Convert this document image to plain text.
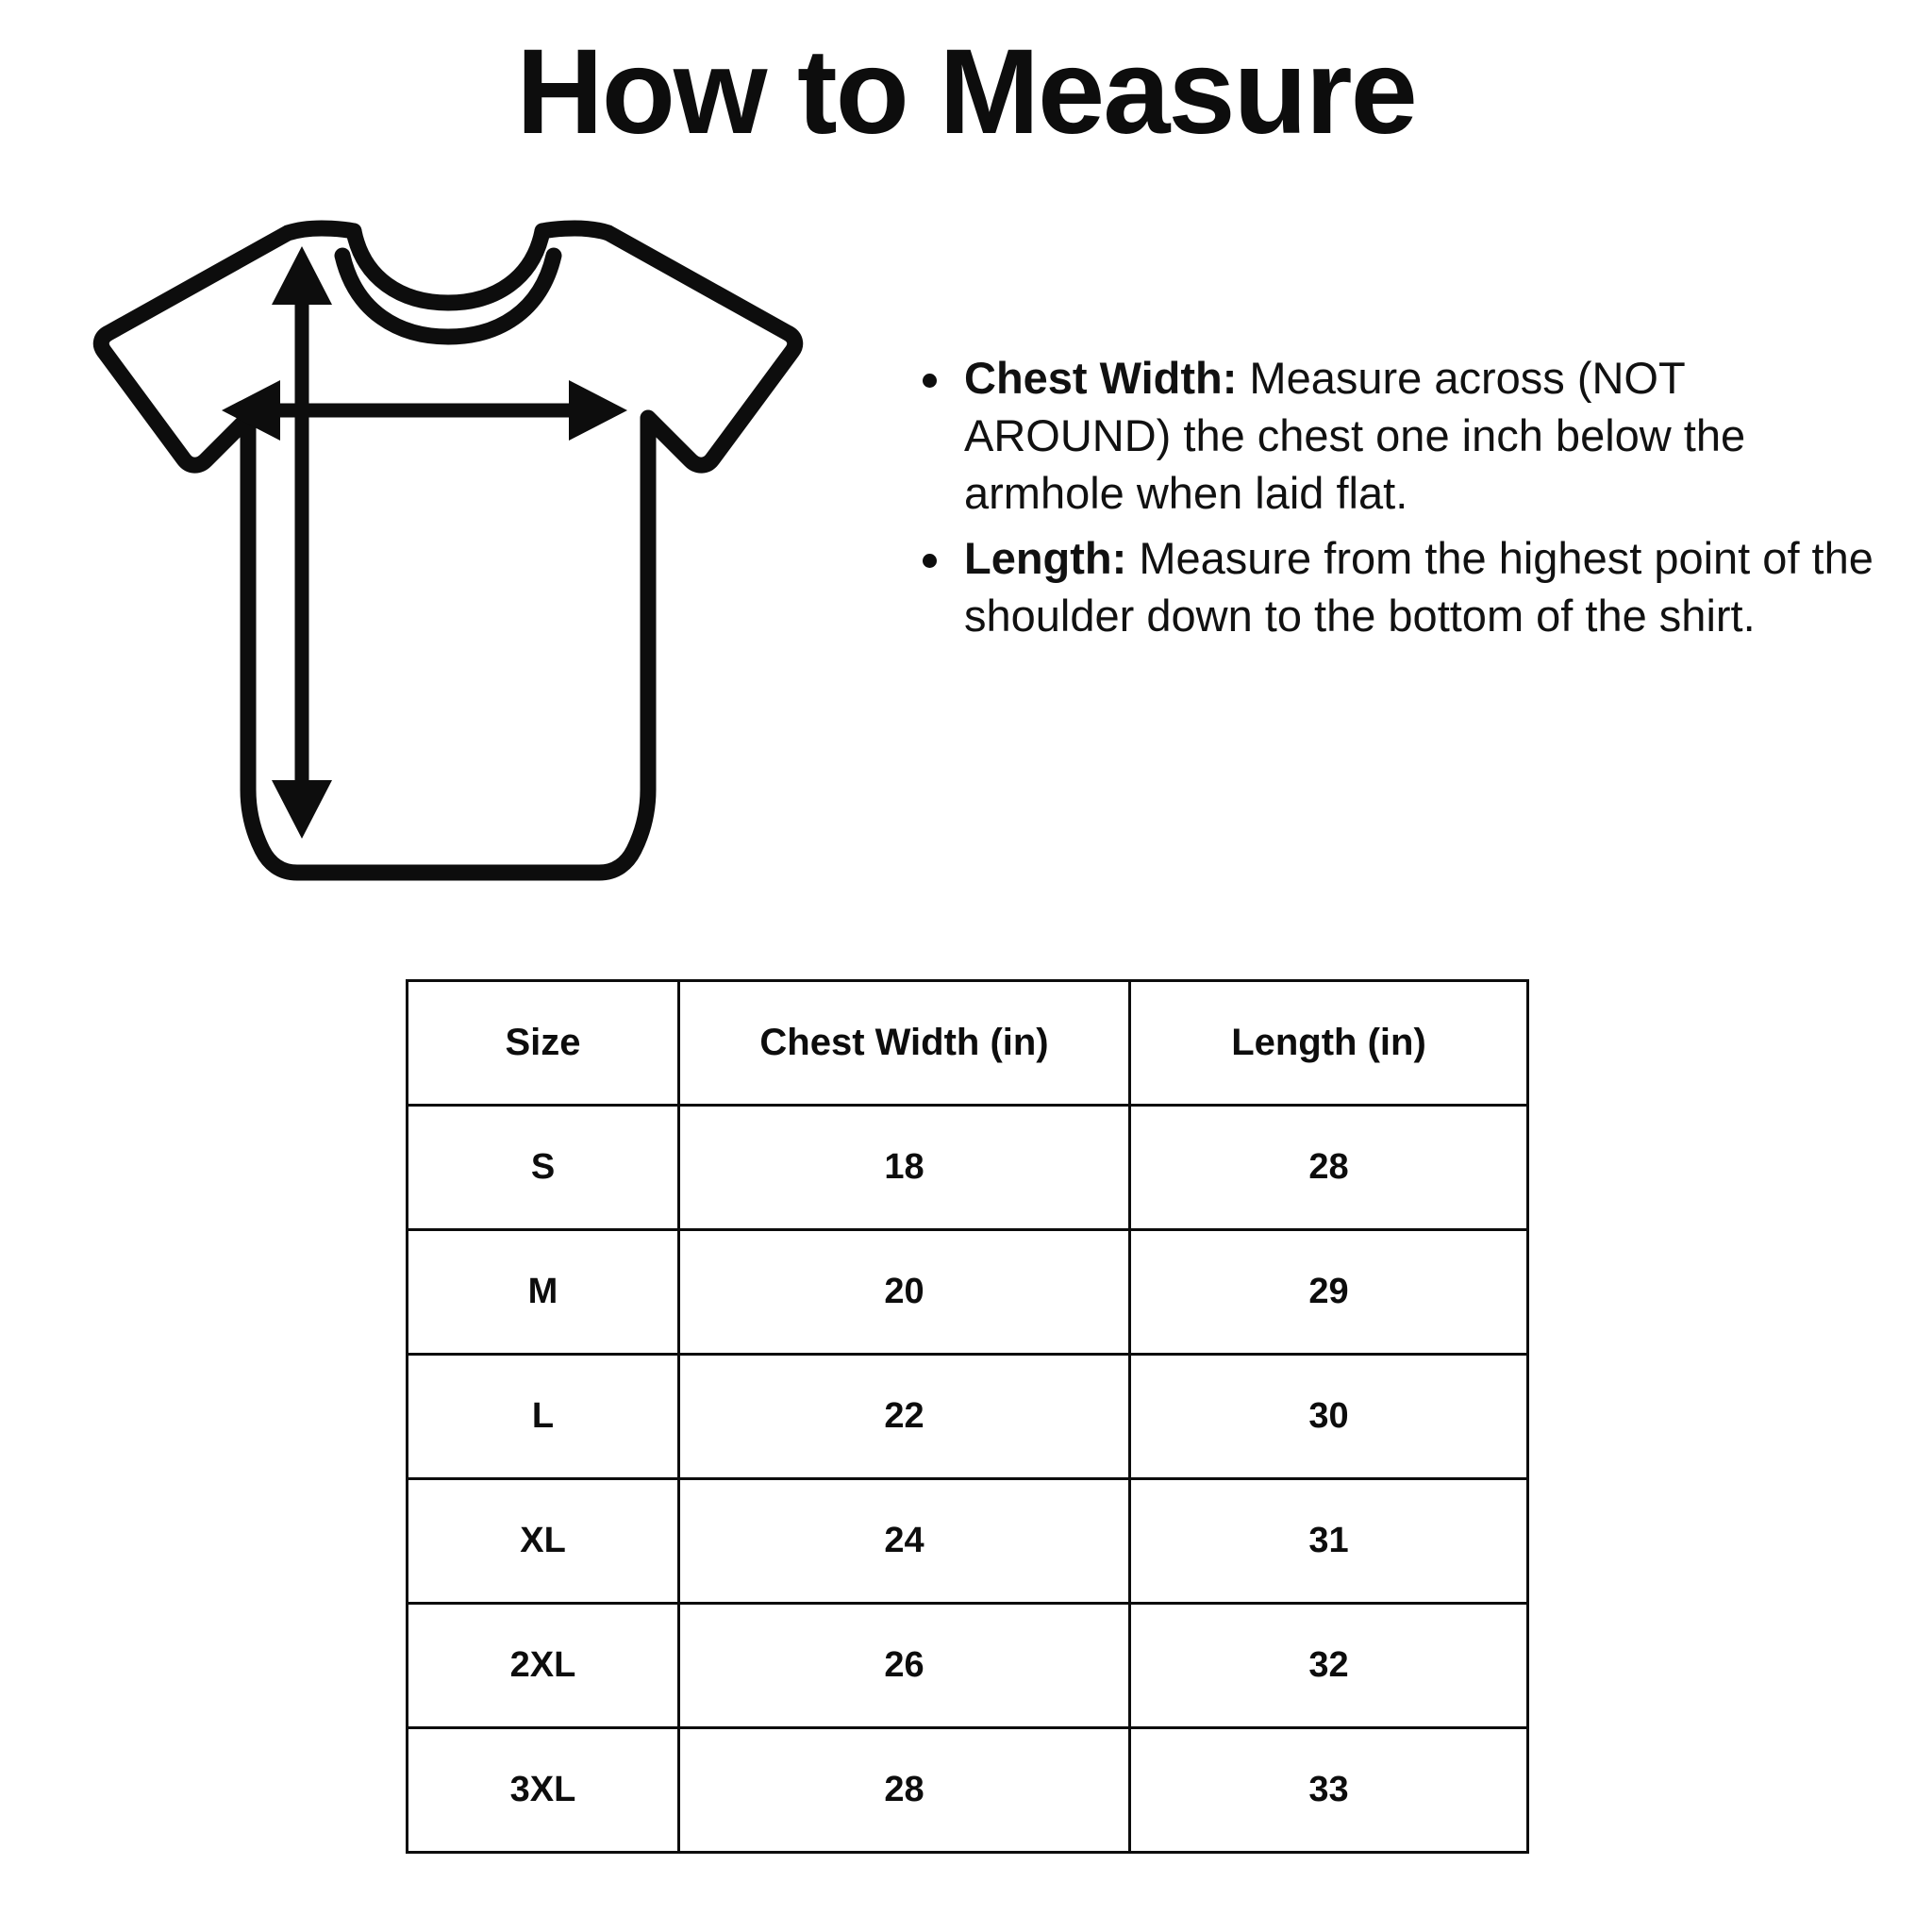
How to Measure
Chest Width: Measure across (NOT AROUND) the chest one inch below the armhole when laid flat.
Length: Measure from the highest point of the shoulder down to the bottom of the shirt.
Size	Chest Width (in)	Length (in)
S	18	28
M	20	29
L	22	30
XL	24	31
2XL	26	32
3XL	28	33
